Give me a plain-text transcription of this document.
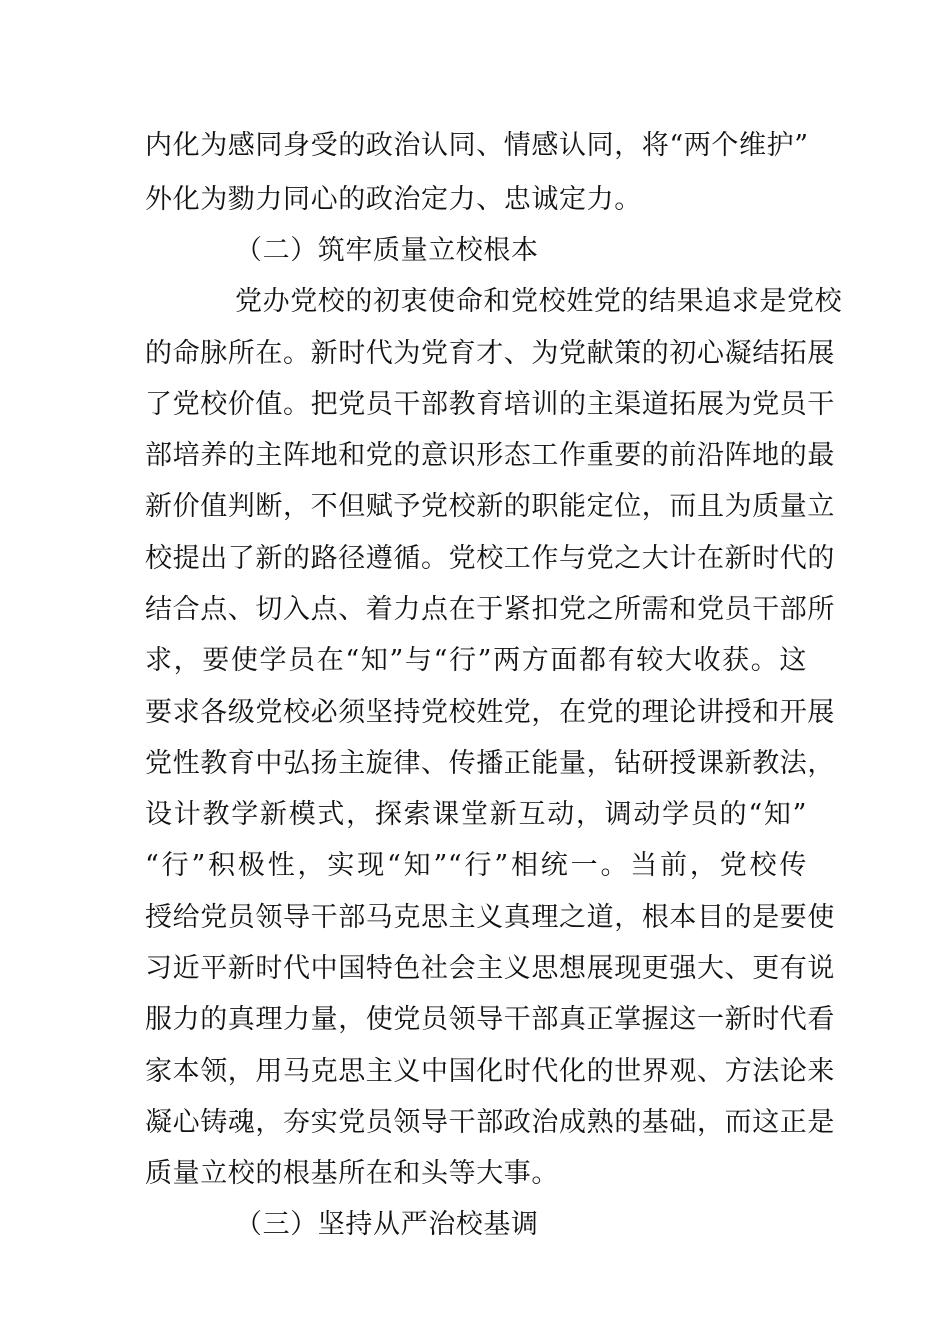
内化为感同身受的政治认同、情感认同，将“两个维护”
外化为勠力同心的政治定力、忠诚定力。
（二）筑牢质量立校根本
党办党校的初衷使命和党校姓党的结果追求是党校
的命脉所在。新时代为党育才、为党献策的初心凝结拓展
了党校价值。把党员干部教育培训的主渠道拓展为党员干
部培养的主阵地和党的意识形态工作重要的前沿阵地的最
新价值判断，不但赋予党校新的职能定位，而且为质量立
校提出了新的路径遵循。党校工作与党之大计在新时代的
结合点、切入点、着力点在于紧扣党之所需和党员干部所
求，要使学员在“知”与“行”两方面都有较大收获。这
要求各级党校必须坚持党校姓党，在党的理论讲授和开展
党性教育中弘扬主旋律、传播正能量，钻研授课新教法，
设计教学新模式，探索课堂新互动，调动学员的“知”
“行”积极性，实现“知”“行”相统一。当前，党校传
授给党员领导干部马克思主义真理之道，根本目的是要使
习近平新时代中国特色社会主义思想展现更强大、更有说
服力的真理力量，使党员领导干部真正掌握这一新时代看
家本领，用马克思主义中国化时代化的世界观、方法论来
凝心铸魂，夯实党员领导干部政治成熟的基础，而这正是
质量立校的根基所在和头等大事。
（三）坚持从严治校基调
